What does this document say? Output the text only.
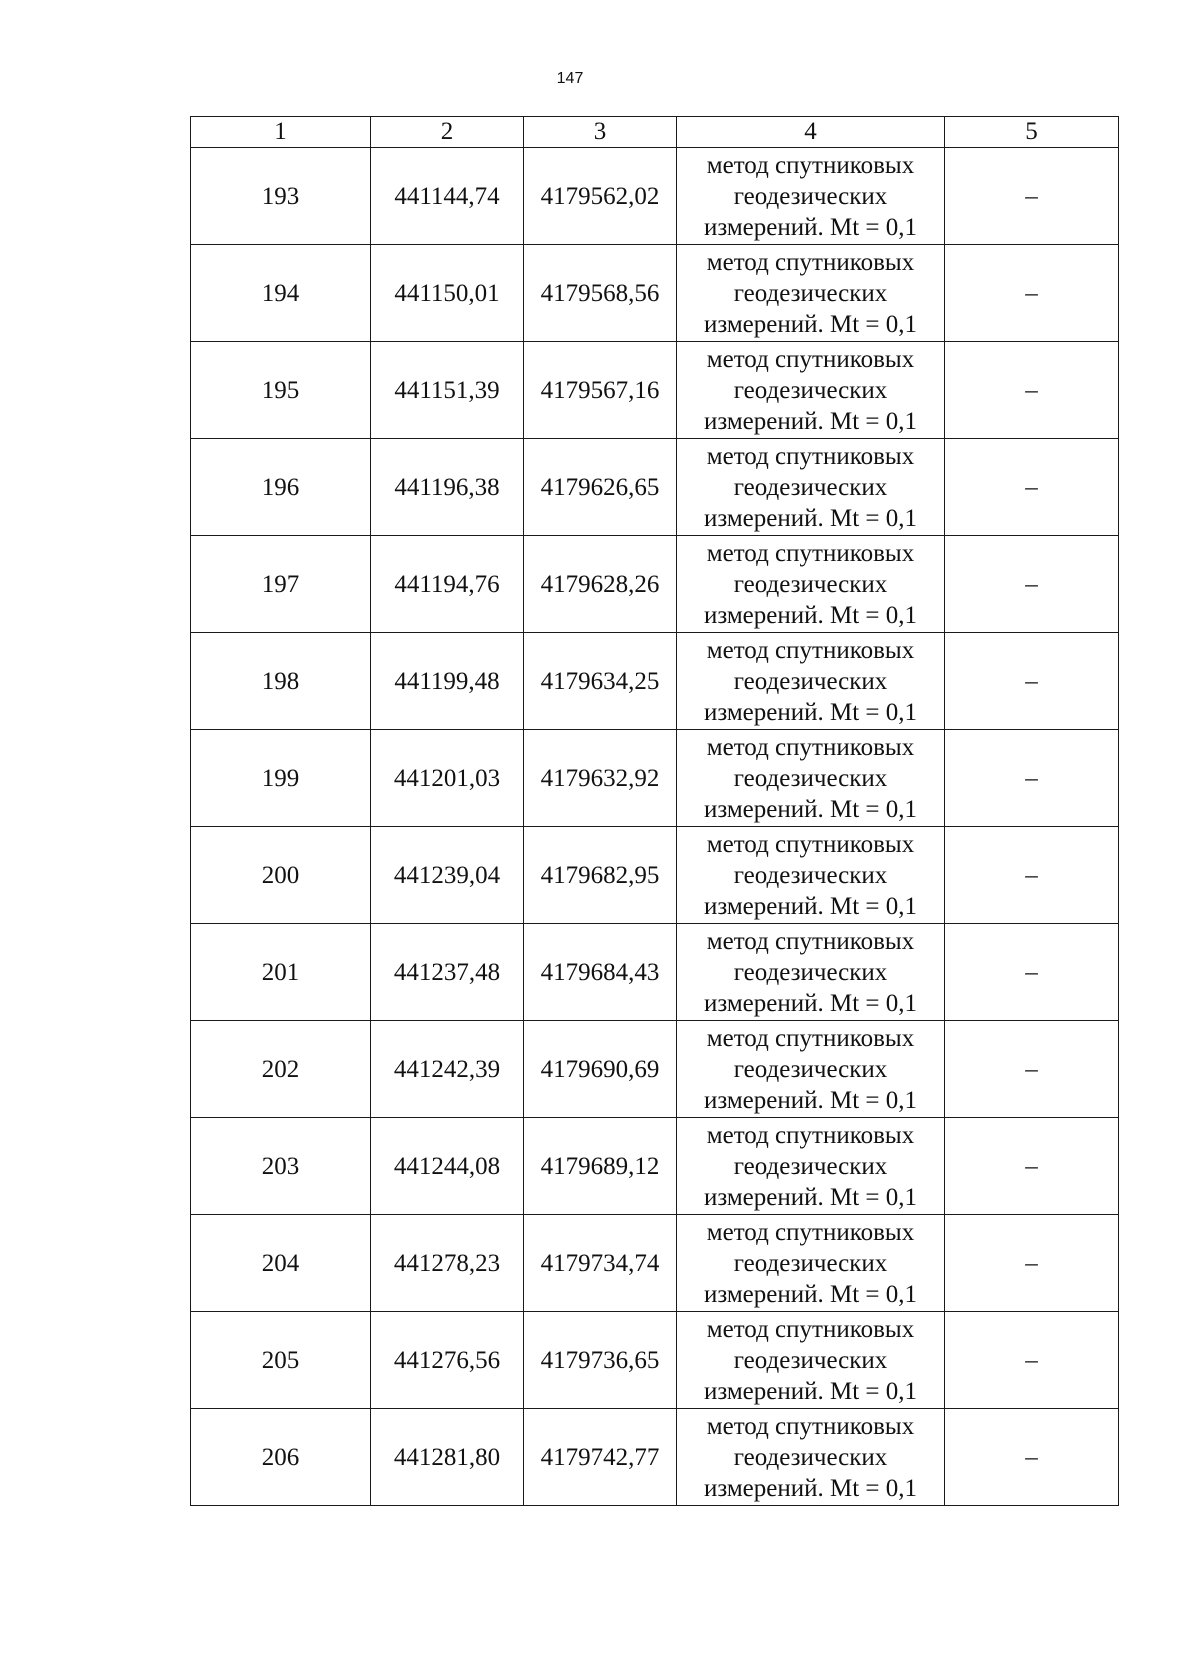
147
1	2	3	4	5
193	441144,74	4179562,02	метод спутниковых геодезических измерений. Mt = 0,1	–
194	441150,01	4179568,56	метод спутниковых геодезических измерений. Mt = 0,1	–
195	441151,39	4179567,16	метод спутниковых геодезических измерений. Mt = 0,1	–
196	441196,38	4179626,65	метод спутниковых геодезических измерений. Mt = 0,1	–
197	441194,76	4179628,26	метод спутниковых геодезических измерений. Mt = 0,1	–
198	441199,48	4179634,25	метод спутниковых геодезических измерений. Mt = 0,1	–
199	441201,03	4179632,92	метод спутниковых геодезических измерений. Mt = 0,1	–
200	441239,04	4179682,95	метод спутниковых геодезических измерений. Mt = 0,1	–
201	441237,48	4179684,43	метод спутниковых геодезических измерений. Mt = 0,1	–
202	441242,39	4179690,69	метод спутниковых геодезических измерений. Mt = 0,1	–
203	441244,08	4179689,12	метод спутниковых геодезических измерений. Mt = 0,1	–
204	441278,23	4179734,74	метод спутниковых геодезических измерений. Mt = 0,1	–
205	441276,56	4179736,65	метод спутниковых геодезических измерений. Mt = 0,1	–
206	441281,80	4179742,77	метод спутниковых геодезических измерений. Mt = 0,1	–
